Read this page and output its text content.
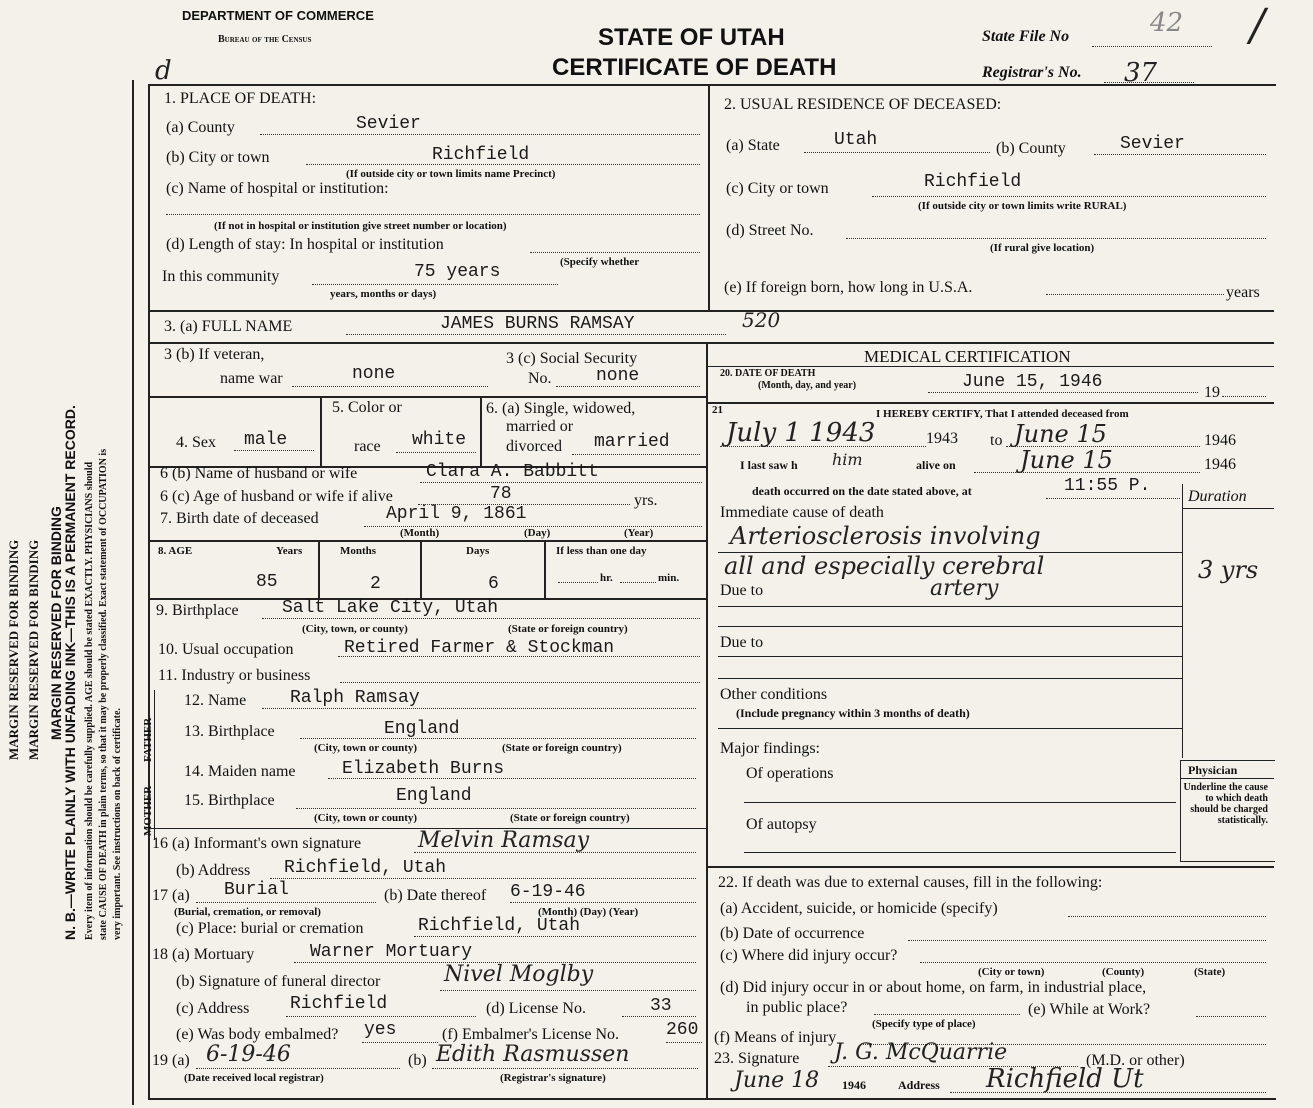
MARGIN RESERVED FOR BINDING MARGIN RESERVED FOR BINDING MARGIN RESERVED FOR BINDING
N. B.—WRITE PLAINLY WITH UNFADING INK—THIS IS A PERMANENT RECORD. Every item of information should be carefully supplied. AGE should be stated EXACTLY. PHYSICIANS should state CAUSE OF DEATH in plain terms, so that it may be properly classified. Exact statement of OCCUPATION is very important. See instructions on back of certificate.
DEPARTMENT OF COMMERCE
Bureau of the Census
d
STATE OF UTAH
CERTIFICATE OF DEATH
State File No	42 /
Registrar's No. 37
1. PLACE OF DEATH:
(a) County	Sevier
(b) City or town	Richfield
(If outside city or town limits name Precinct)
(c) Name of hospital or institution:
(If not in hospital or institution give street number or location)
(d) Length of stay: In hospital or institution
In this community	75 years	(Specify whether
years, months or days)
2. USUAL RESIDENCE OF DECEASED:
(a) State	Utah	(b) County	Sevier
(c) City or town	Richfield
(If outside city or town limits write RURAL)
(d) Street No.
(If rural give location)
(e) If foreign born, how long in U.S.A.	years
3. (a) FULL NAME	JAMES BURNS RAMSAY	520
3 (b) If veteran,
name war	none
3 (c) Social Security
No. none
4. Sex male
5. Color or
race white
6. (a) Single, widowed,
married or
divorced married
6 (b) Name of husband or wife	Clara A. Babbitt
6 (c) Age of husband or wife if alive	78	yrs.
7. Birth date of deceased	April 9, 1861
(Month)	(Day)	(Year)
8. AGE	Years	Months	Days	If less than one day
85	2	6	hr.	min.
9. Birthplace Salt Lake City, Utah
(City, town, or county)	(State or foreign country)
10. Usual occupation	Retired Farmer & Stockman
11. Industry or business
FATHER
MOTHER
12. Name Ralph Ramsay
13. Birthplace	England
(City, town or county)	(State or foreign country)
14. Maiden name	Elizabeth Burns
15. Birthplace	England
(City, town or county)	(State or foreign country)
16 (a) Informant's own signature	Melvin Ramsay
(b) Address Richfield, Utah
17 (a) Burial
(Burial, cremation, or removal)
(b) Date thereof 6-19-46
(Month) (Day) (Year)
(c) Place: burial or cremation	Richfield, Utah
18 (a) Mortuary	Warner Mortuary
(b) Signature of funeral director	Nivel Moglby
(c) Address Richfield	(d) License No.	33
(e) Was body embalmed? yes	(f) Embalmer's License No.	260
19 (a) 6-19-46
(Date received local registrar)
(b) Edith Rasmussen
(Registrar's signature)
MEDICAL CERTIFICATION
20. DATE OF DEATH
(Month, day, and year)	June 15, 1946
19
21	I HEREBY CERTIFY, That I attended deceased from
July 1 1943	1943 to June 15	1946
I last saw h him	alive on	June 15	1946
death occurred on the date stated above, at	11:55 P.
Duration
Immediate cause of death
Arteriosclerosis involving
all and especially cerebral	3 yrs
artery
Due to
Due to
Other conditions
(Include pregnancy within 3 months of death)
Major findings:
Of operations
Of autopsy
Physician
Underline the cause to which death should be charged statistically.
22. If death was due to external causes, fill in the following:
(a) Accident, suicide, or homicide (specify)
(b) Date of occurrence
(c) Where did injury occur?
(City or town)	(County)	(State)
(d) Did injury occur in or about home, on farm, in industrial place,
in public place?
(Specify type of place)
(e) While at Work?
(f) Means of injury
23. Signature J. G. McQuarrie	(M.D. or other)
June 18 1946	Address Richfield Ut
